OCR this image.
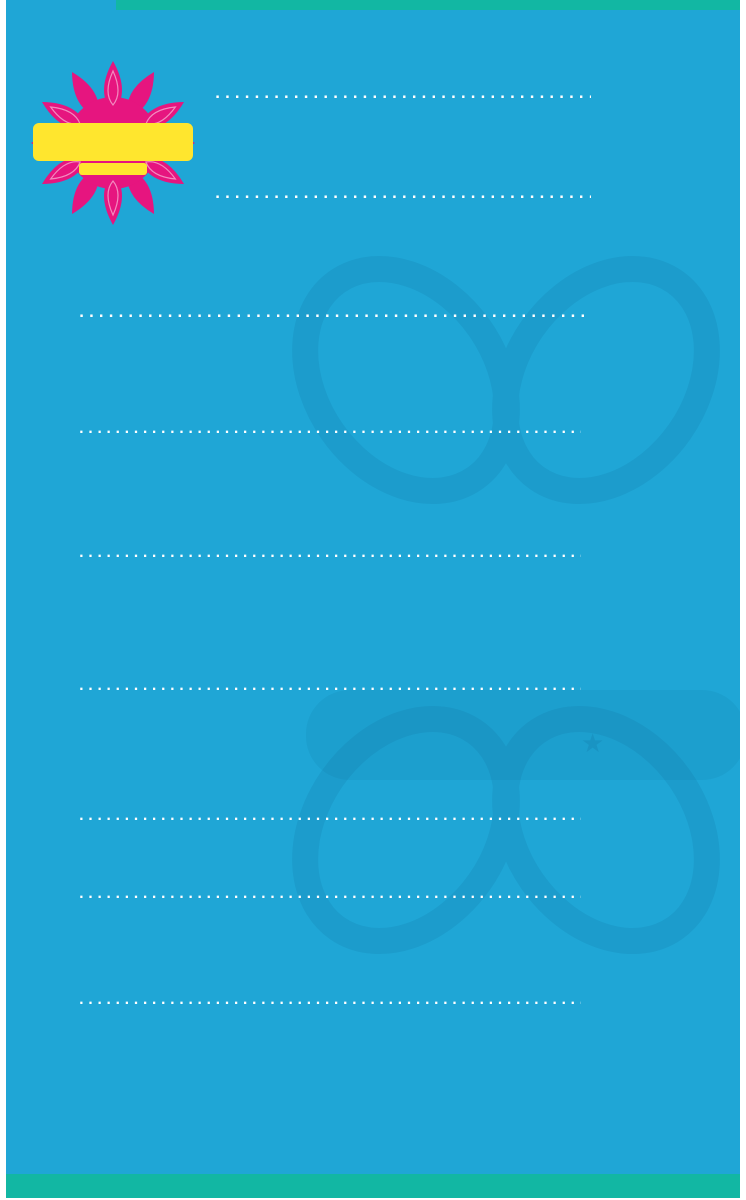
★
. . .
. . .
. . .
. . .
. . .
. . .
. . .
. . .
. . .
